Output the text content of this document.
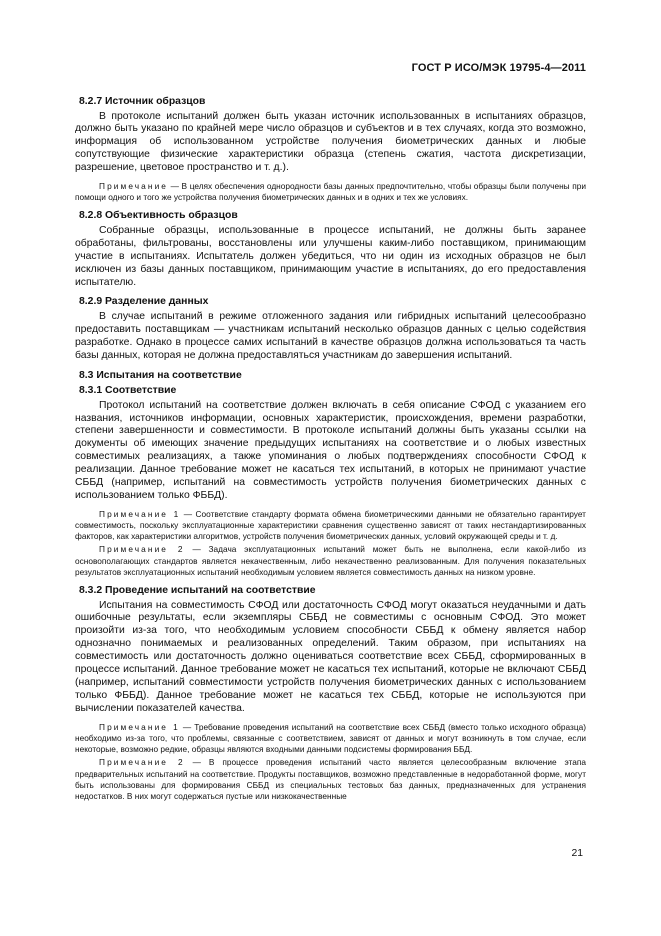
ГОСТ Р ИСО/МЭК 19795-4—2011
8.2.7 Источник образцов

В протоколе испытаний должен быть указан источник использованных в испытаниях образцов, должно быть указано по крайней мере число образцов и субъектов и в тех случаях, когда это возможно, информация об использованном устройстве получения биометрических данных и любые сопутствующие физические характеристики образца (степень сжатия, частота дискретизации, разрешение, цветовое пространство и т. д.).

Примечание — В целях обеспечения однородности базы данных предпочтительно, чтобы образцы были получены при помощи одного и того же устройства получения биометрических данных и в одних и тех же условиях.

8.2.8 Объективность образцов

Собранные образцы, использованные в процессе испытаний, не должны быть заранее обработаны, фильтрованы, восстановлены или улучшены каким-либо поставщиком, принимающим участие в испытаниях. Испытатель должен убедиться, что ни один из исходных образцов не был исключен из базы данных поставщиком, принимающим участие в испытаниях, до его предоставления испытателю.

8.2.9 Разделение данных

В случае испытаний в режиме отложенного задания или гибридных испытаний целесообразно предоставить поставщикам — участникам испытаний несколько образцов данных с целью содействия разработке. Однако в процессе самих испытаний в качестве образцов должна использоваться та часть базы данных, которая не должна предоставляться участникам до завершения испытаний.

8.3 Испытания на соответствие
8.3.1 Соответствие

Протокол испытаний на соответствие должен включать в себя описание СФОД с указанием его названия, источников информации, основных характеристик, происхождения, времени разработки, степени завершенности и совместимости. В протоколе испытаний должны быть указаны ссылки на документы об имеющих значение предыдущих испытаниях на соответствие и о любых известных совместимых реализациях, а также упоминания о любых подтверждениях способности СФОД к реализации. Данное требование может не касаться тех испытаний, в которых не принимают участие СББД (например, испытаний на совместимость устройств получения биометрических данных с использованием только ФББД).

Примечание 1 — Соответствие стандарту формата обмена биометрическими данными не обязательно гарантирует совместимость, поскольку эксплуатационные характеристики сравнения существенно зависят от таких нестандартизированных факторов, как характеристики алгоритмов, устройств получения биометрических данных, условий окружающей среды и т. д.

Примечание 2 — Задача эксплуатационных испытаний может быть не выполнена, если какой-либо из основополагающих стандартов является некачественным, либо некачественно реализованным. Для получения показательных результатов эксплуатационных испытаний необходимым условием является совместимость данных на низком уровне.

8.3.2 Проведение испытаний на соответствие

Испытания на совместимость СФОД или достаточность СФОД могут оказаться неудачными и дать ошибочные результаты, если экземпляры СББД не совместимы с основным СФОД. Это может произойти из-за того, что необходимым условием способности СББД к обмену является набор однозначно понимаемых и реализованных определений. Таким образом, при испытаниях на совместимость или достаточность должно оцениваться соответствие всех СББД, сформированных в процессе испытаний. Данное требование может не касаться тех испытаний, которые не включают СББД (например, испытаний совместимости устройств получения биометрических данных с использованием только ФББД). Данное требование может не касаться тех СББД, которые не используются при вычислении показателей качества.

Примечание 1 — Требование проведения испытаний на соответствие всех СББД (вместо только исходного образца) необходимо из-за того, что проблемы, связанные с соответствием, зависят от данных и могут возникнуть в том случае, если некоторые, возможно редкие, образцы являются входными данными подсистемы формирования ББД.

Примечание 2 — В процессе проведения испытаний часто является целесообразным включение этапа предварительных испытаний на соответствие. Продукты поставщиков, возможно представленные в недоработанной форме, могут быть использованы для формирования СББД из специальных тестовых баз данных, предназначенных для устранения недостатков. В них могут содержаться пустые или низкокачественные

21
